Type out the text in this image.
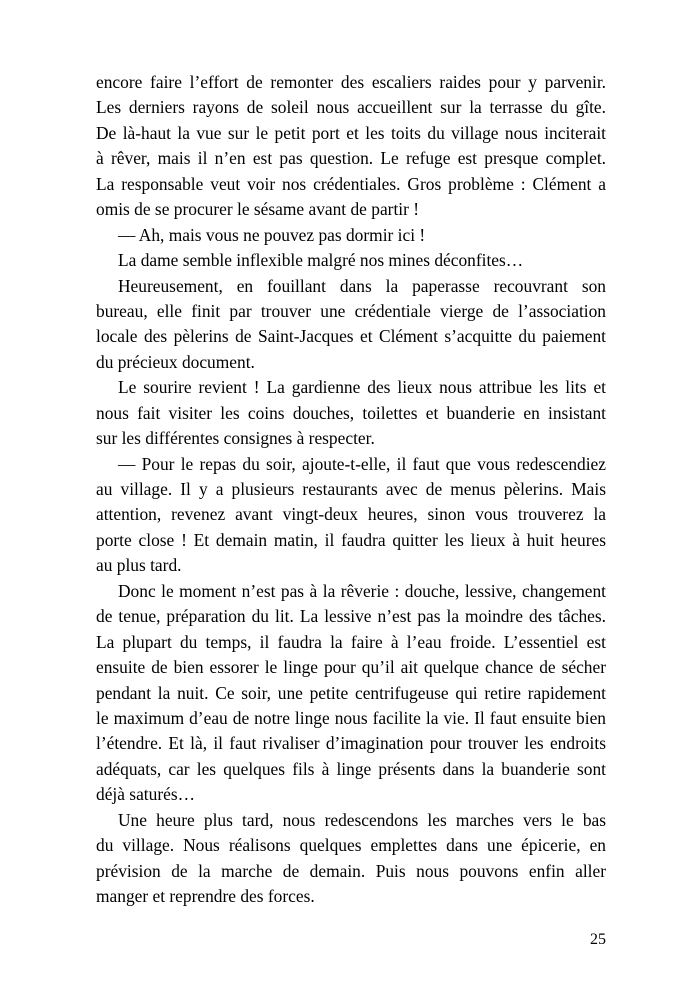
encore faire l’effort de remonter des escaliers raides pour y parvenir.
Les derniers rayons de soleil nous accueillent sur la terrasse du gîte.
De là-haut la vue sur le petit port et les toits du village nous inciterait
à rêver, mais il n’en est pas question. Le refuge est presque complet.
La responsable veut voir nos crédentiales. Gros problème : Clément a
omis de se procurer le sésame avant de partir !
— Ah, mais vous ne pouvez pas dormir ici !
La dame semble inflexible malgré nos mines déconfites…
Heureusement, en fouillant dans la paperasse recouvrant son
bureau, elle finit par trouver une crédentiale vierge de l’association
locale des pèlerins de Saint-Jacques et Clément s’acquitte du paiement
du précieux document.
Le sourire revient ! La gardienne des lieux nous attribue les lits et
nous fait visiter les coins douches, toilettes et buanderie en insistant
sur les différentes consignes à respecter.
— Pour le repas du soir, ajoute-t-elle, il faut que vous redescendiez
au village. Il y a plusieurs restaurants avec de menus pèlerins. Mais
attention, revenez avant vingt-deux heures, sinon vous trouverez la
porte close ! Et demain matin, il faudra quitter les lieux à huit heures
au plus tard.
Donc le moment n’est pas à la rêverie : douche, lessive, changement
de tenue, préparation du lit. La lessive n’est pas la moindre des tâches.
La plupart du temps, il faudra la faire à l’eau froide. L’essentiel est
ensuite de bien essorer le linge pour qu’il ait quelque chance de sécher
pendant la nuit. Ce soir, une petite centrifugeuse qui retire rapidement
le maximum d’eau de notre linge nous facilite la vie. Il faut ensuite bien
l’étendre. Et là, il faut rivaliser d’imagination pour trouver les endroits
adéquats, car les quelques fils à linge présents dans la buanderie sont
déjà saturés…
Une heure plus tard, nous redescendons les marches vers le bas
du village. Nous réalisons quelques emplettes dans une épicerie, en
prévision de la marche de demain. Puis nous pouvons enfin aller
manger et reprendre des forces.
25
